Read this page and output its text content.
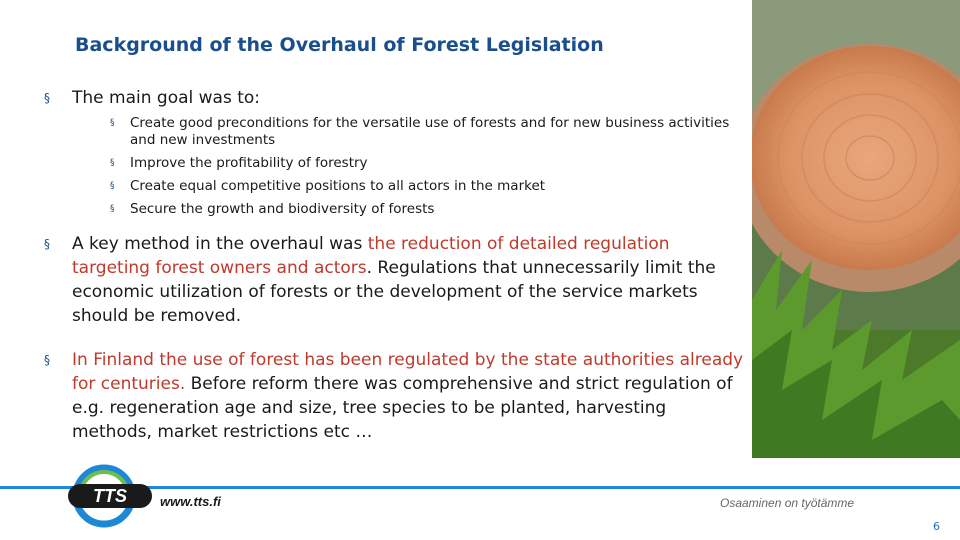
Background of the Overhaul of Forest Legislation
§ The main goal was to:
§ Create good preconditions for the versatile use of forests and for new business activities and new investments
§ Improve the profitability of forestry
§ Create equal competitive positions to all actors in the market
§ Secure the growth and biodiversity of forests
§ A key method in the overhaul was the reduction of detailed regulation targeting forest owners and actors. Regulations that unnecessarily limit the economic utilization of forests or the development of the service markets should be removed.
§ In Finland the use of forest has been regulated by the state authorities already for centuries. Before reform there was comprehensive and strict regulation of e.g. regeneration age and size, tree species to be planted, harvesting methods, market restrictions etc …
TTS	www.tts.fi	Osaaminen on työtämme
6
